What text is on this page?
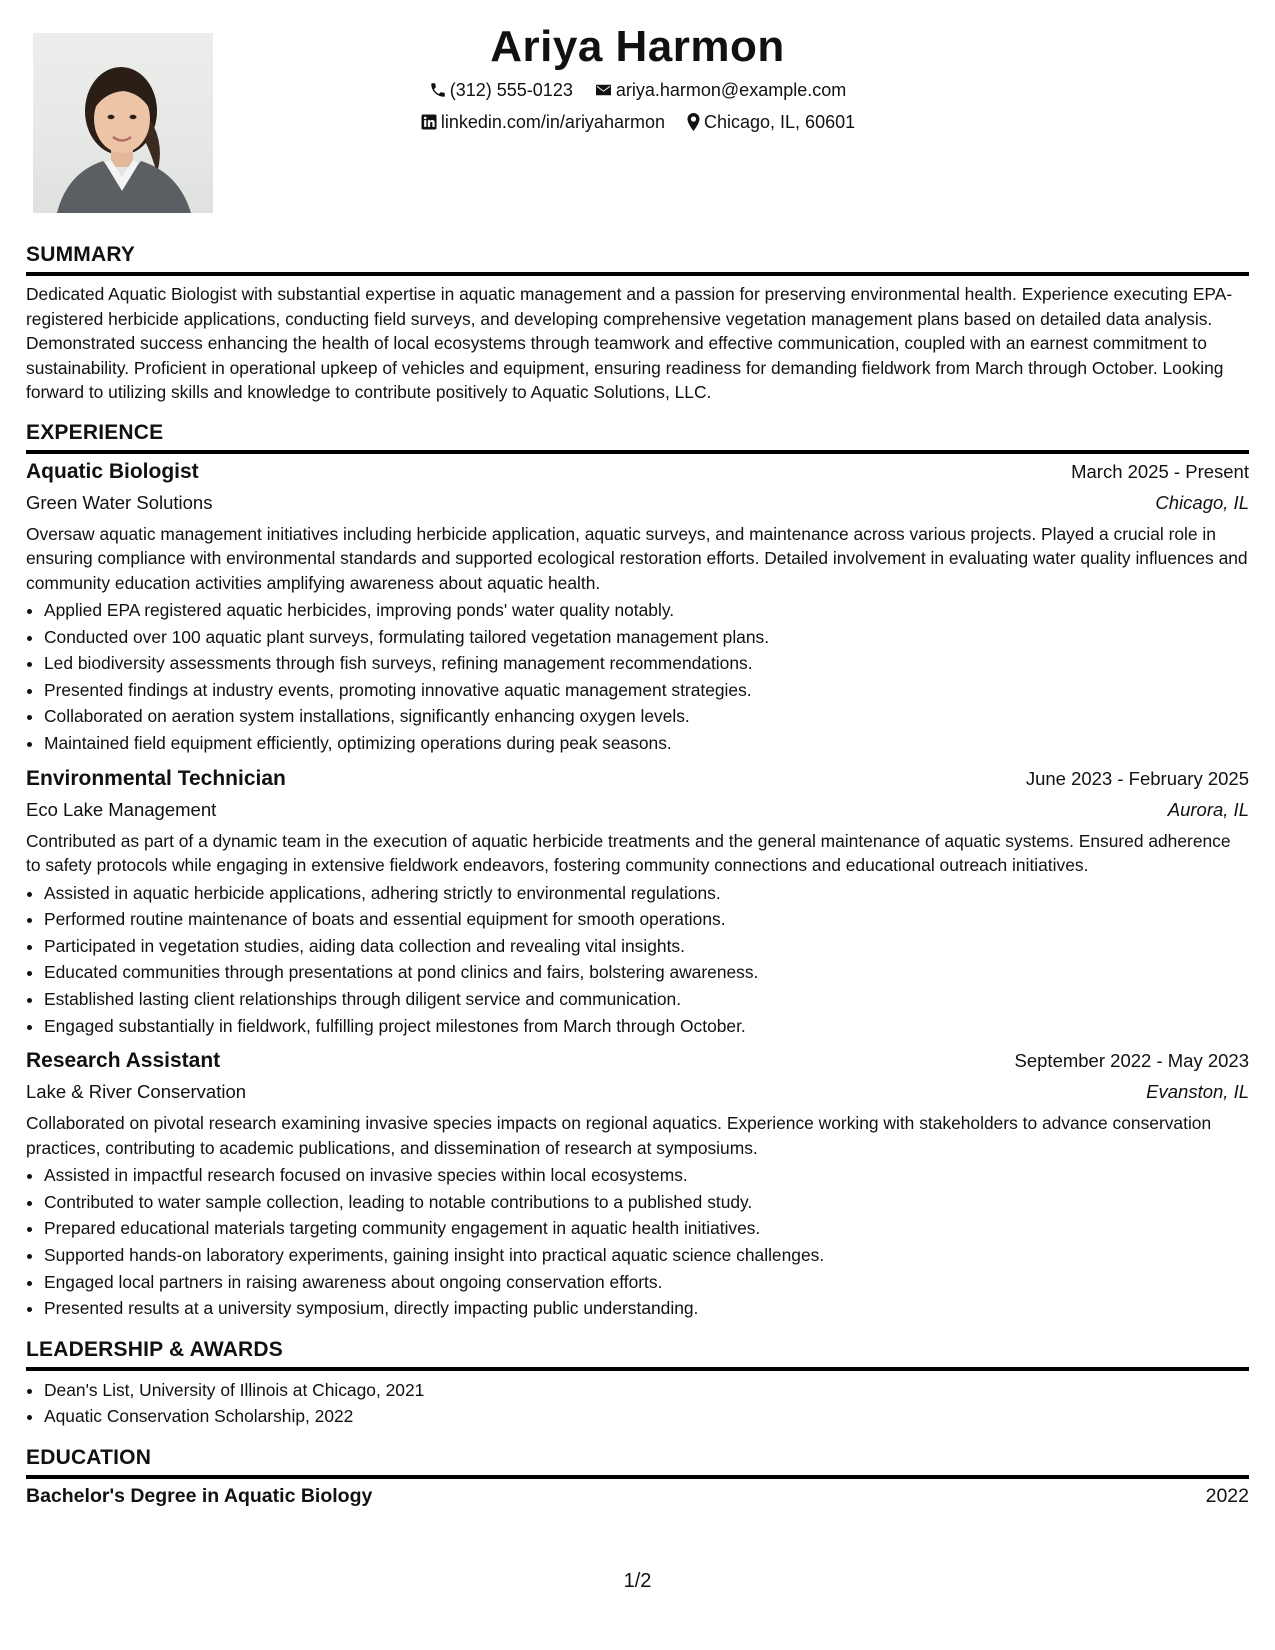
Ariya Harmon
(312) 555-0123 ariya.harmon@example.com
linkedin.com/in/ariyaharmon Chicago, IL, 60601
SUMMARY

Dedicated Aquatic Biologist with substantial expertise in aquatic management and a passion for preserving environmental health. Experience executing EPA-registered herbicide applications, conducting field surveys, and developing comprehensive vegetation management plans based on detailed data analysis. Demonstrated success enhancing the health of local ecosystems through teamwork and effective communication, coupled with an earnest commitment to sustainability. Proficient in operational upkeep of vehicles and equipment, ensuring readiness for demanding fieldwork from March through October. Looking forward to utilizing skills and knowledge to contribute positively to Aquatic Solutions, LLC.

EXPERIENCE
Aquatic Biologist	March 2025 - Present
Green Water Solutions	Chicago, IL

Oversaw aquatic management initiatives including herbicide application, aquatic surveys, and maintenance across various projects. Played a crucial role in ensuring compliance with environmental standards and supported ecological restoration efforts. Detailed involvement in evaluating water quality influences and community education activities amplifying awareness about aquatic health.

• Applied EPA registered aquatic herbicides, improving ponds' water quality notably.
• Conducted over 100 aquatic plant surveys, formulating tailored vegetation management plans.
• Led biodiversity assessments through fish surveys, refining management recommendations.
• Presented findings at industry events, promoting innovative aquatic management strategies.
• Collaborated on aeration system installations, significantly enhancing oxygen levels.
• Maintained field equipment efficiently, optimizing operations during peak seasons.
Environmental Technician	June 2023 - February 2025
Eco Lake Management	Aurora, IL

Contributed as part of a dynamic team in the execution of aquatic herbicide treatments and the general maintenance of aquatic systems. Ensured adherence to safety protocols while engaging in extensive fieldwork endeavors, fostering community connections and educational outreach initiatives.

• Assisted in aquatic herbicide applications, adhering strictly to environmental regulations.
• Performed routine maintenance of boats and essential equipment for smooth operations.
• Participated in vegetation studies, aiding data collection and revealing vital insights.
• Educated communities through presentations at pond clinics and fairs, bolstering awareness.
• Established lasting client relationships through diligent service and communication.
• Engaged substantially in fieldwork, fulfilling project milestones from March through October.
Research Assistant	September 2022 - May 2023
Lake & River Conservation	Evanston, IL

Collaborated on pivotal research examining invasive species impacts on regional aquatics. Experience working with stakeholders to advance conservation practices, contributing to academic publications, and dissemination of research at symposiums.

• Assisted in impactful research focused on invasive species within local ecosystems.
• Contributed to water sample collection, leading to notable contributions to a published study.
• Prepared educational materials targeting community engagement in aquatic health initiatives.
• Supported hands-on laboratory experiments, gaining insight into practical aquatic science challenges.
• Engaged local partners in raising awareness about ongoing conservation efforts.
• Presented results at a university symposium, directly impacting public understanding.
LEADERSHIP & AWARDS
• Dean's List, University of Illinois at Chicago, 2021
• Aquatic Conservation Scholarship, 2022
EDUCATION
Bachelor's Degree in Aquatic Biology	2022
1/2
